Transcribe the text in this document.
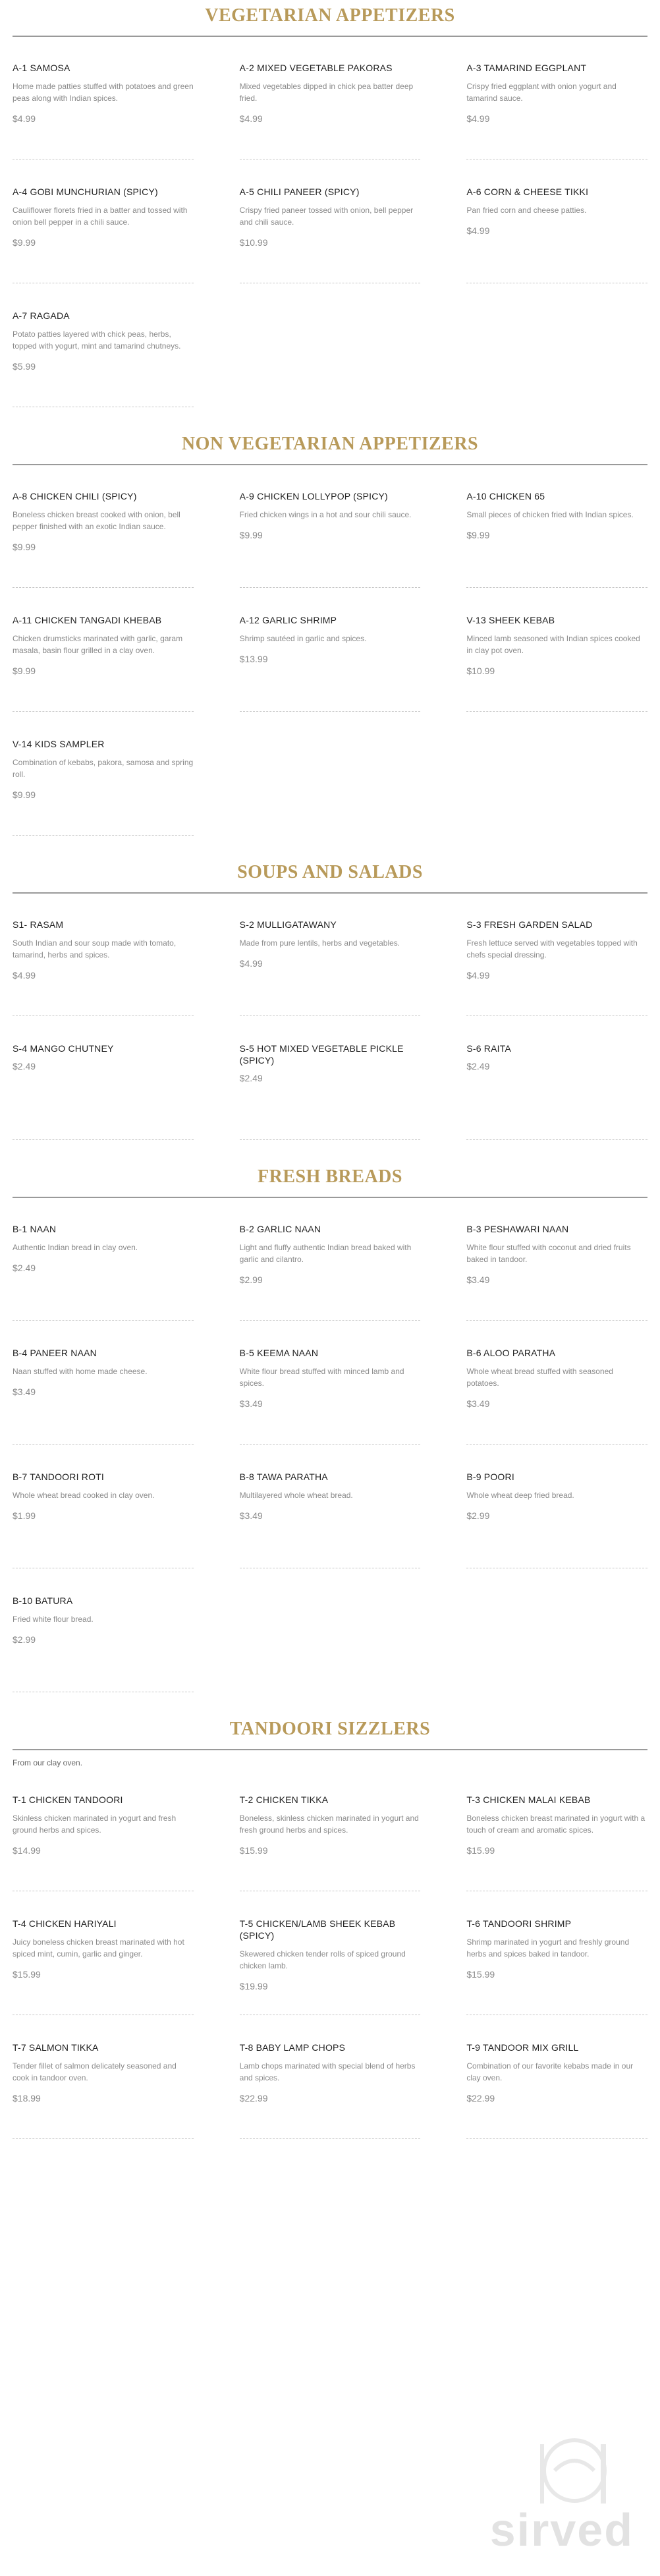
VEGETARIAN APPETIZERS
A-1 SAMOSA
Home made patties stuffed with potatoes and green peas along with Indian spices.
$4.99
A-2 MIXED VEGETABLE PAKORAS
Mixed vegetables dipped in chick pea batter deep fried.
$4.99
A-3 TAMARIND EGGPLANT
Crispy fried eggplant with onion yogurt and tamarind sauce.
$4.99
A-4 GOBI MUNCHURIAN (SPICY)
Cauliflower florets fried in a batter and tossed with onion bell pepper in a chili sauce.
$9.99
A-5 CHILI PANEER (SPICY)
Crispy fried paneer tossed with onion, bell pepper and chili sauce.
$10.99
A-6 CORN & CHEESE TIKKI
Pan fried corn and cheese patties.
$4.99
A-7 RAGADA
Potato patties layered with chick peas, herbs, topped with yogurt, mint and tamarind chutneys.
$5.99
NON VEGETARIAN APPETIZERS
A-8 CHICKEN CHILI (SPICY)
Boneless chicken breast cooked with onion, bell pepper finished with an exotic Indian sauce.
$9.99
A-9 CHICKEN LOLLYPOP (SPICY)
Fried chicken wings in a hot and sour chili sauce.
$9.99
A-10 CHICKEN 65
Small pieces of chicken fried with Indian spices.
$9.99
A-11 CHICKEN TANGADI KHEBAB
Chicken drumsticks marinated with garlic, garam masala, basin flour grilled in a clay oven.
$9.99
A-12 GARLIC SHRIMP
Shrimp sautéed in garlic and spices.
$13.99
V-13 SHEEK KEBAB
Minced lamb seasoned with Indian spices cooked in clay pot oven.
$10.99
V-14 KIDS SAMPLER
Combination of kebabs, pakora, samosa and spring roll.
$9.99
SOUPS AND SALADS
S1- RASAM
South Indian and sour soup made with tomato, tamarind, herbs and spices.
$4.99
S-2 MULLIGATAWANY
Made from pure lentils, herbs and vegetables.
$4.99
S-3 FRESH GARDEN SALAD
Fresh lettuce served with vegetables topped with chefs special dressing.
$4.99
S-4 MANGO CHUTNEY
$2.49
S-5 HOT MIXED VEGETABLE PICKLE (SPICY)
$2.49
S-6 RAITA
$2.49
FRESH BREADS
B-1 NAAN
Authentic Indian bread in clay oven.
$2.49
B-2 GARLIC NAAN
Light and fluffy authentic Indian bread baked with garlic and cilantro.
$2.99
B-3 PESHAWARI NAAN
White flour stuffed with coconut and dried fruits baked in tandoor.
$3.49
B-4 PANEER NAAN
Naan stuffed with home made cheese.
$3.49
B-5 KEEMA NAAN
White flour bread stuffed with minced lamb and spices.
$3.49
B-6 ALOO PARATHA
Whole wheat bread stuffed with seasoned potatoes.
$3.49
B-7 TANDOORI ROTI
Whole wheat bread cooked in clay oven.
$1.99
B-8 TAWA PARATHA
Multilayered whole wheat bread.
$3.49
B-9 POORI
Whole wheat deep fried bread.
$2.99
B-10 BATURA
Fried white flour bread.
$2.99
TANDOORI SIZZLERS

From our clay oven.

T-1 CHICKEN TANDOORI
Skinless chicken marinated in yogurt and fresh ground herbs and spices.
$14.99
T-2 CHICKEN TIKKA
Boneless, skinless chicken marinated in yogurt and fresh ground herbs and spices.
$15.99
T-3 CHICKEN MALAI KEBAB
Boneless chicken breast marinated in yogurt with a touch of cream and aromatic spices.
$15.99
T-4 CHICKEN HARIYALI
Juicy boneless chicken breast marinated with hot spiced mint, cumin, garlic and ginger.
$15.99
T-5 CHICKEN/LAMB SHEEK KEBAB (SPICY)
Skewered chicken tender rolls of spiced ground chicken lamb.
$19.99
T-6 TANDOORI SHRIMP
Shrimp marinated in yogurt and freshly ground herbs and spices baked in tandoor.
$15.99
T-7 SALMON TIKKA
Tender fillet of salmon delicately seasoned and cook in tandoor oven.
$18.99
T-8 BABY LAMP CHOPS
Lamb chops marinated with special blend of herbs and spices.
$22.99
T-9 TANDOOR MIX GRILL
Combination of our favorite kebabs made in our clay oven.
$22.99
sirved
